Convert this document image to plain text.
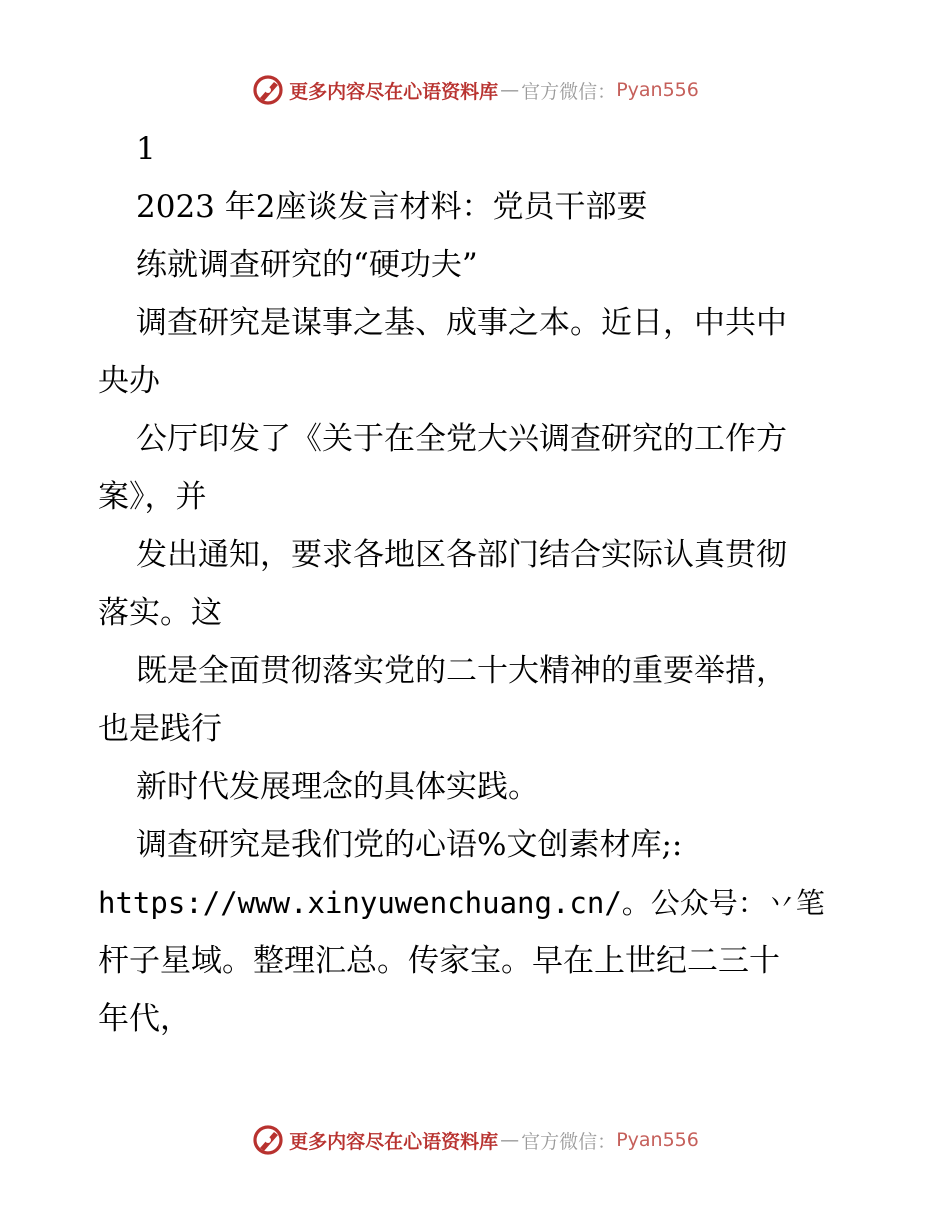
更多内容尽在心语资料库 — 官方微信： Pyan556

1

2023 年2座谈发言材料：党员干部要

练就调查研究的“硬功夫”

调查研究是谋事之基、成事之本。近日，中共中

央办

公厅印发了《关于在全党大兴调查研究的工作方

案》，并

发出通知，要求各地区各部门结合实际认真贯彻

落实。这

既是全面贯彻落实党的二十大精神的重要举措，

也是践行

新时代发展理念的具体实践。

调查研究是我们党的心语%文创素材库;:

https://www.xinyuwenchuang.cn/。公众号：丷笔

杆子星域。整理汇总。传家宝。早在上世纪二三十

年代，

更多内容尽在心语资料库 — 官方微信： Pyan556
